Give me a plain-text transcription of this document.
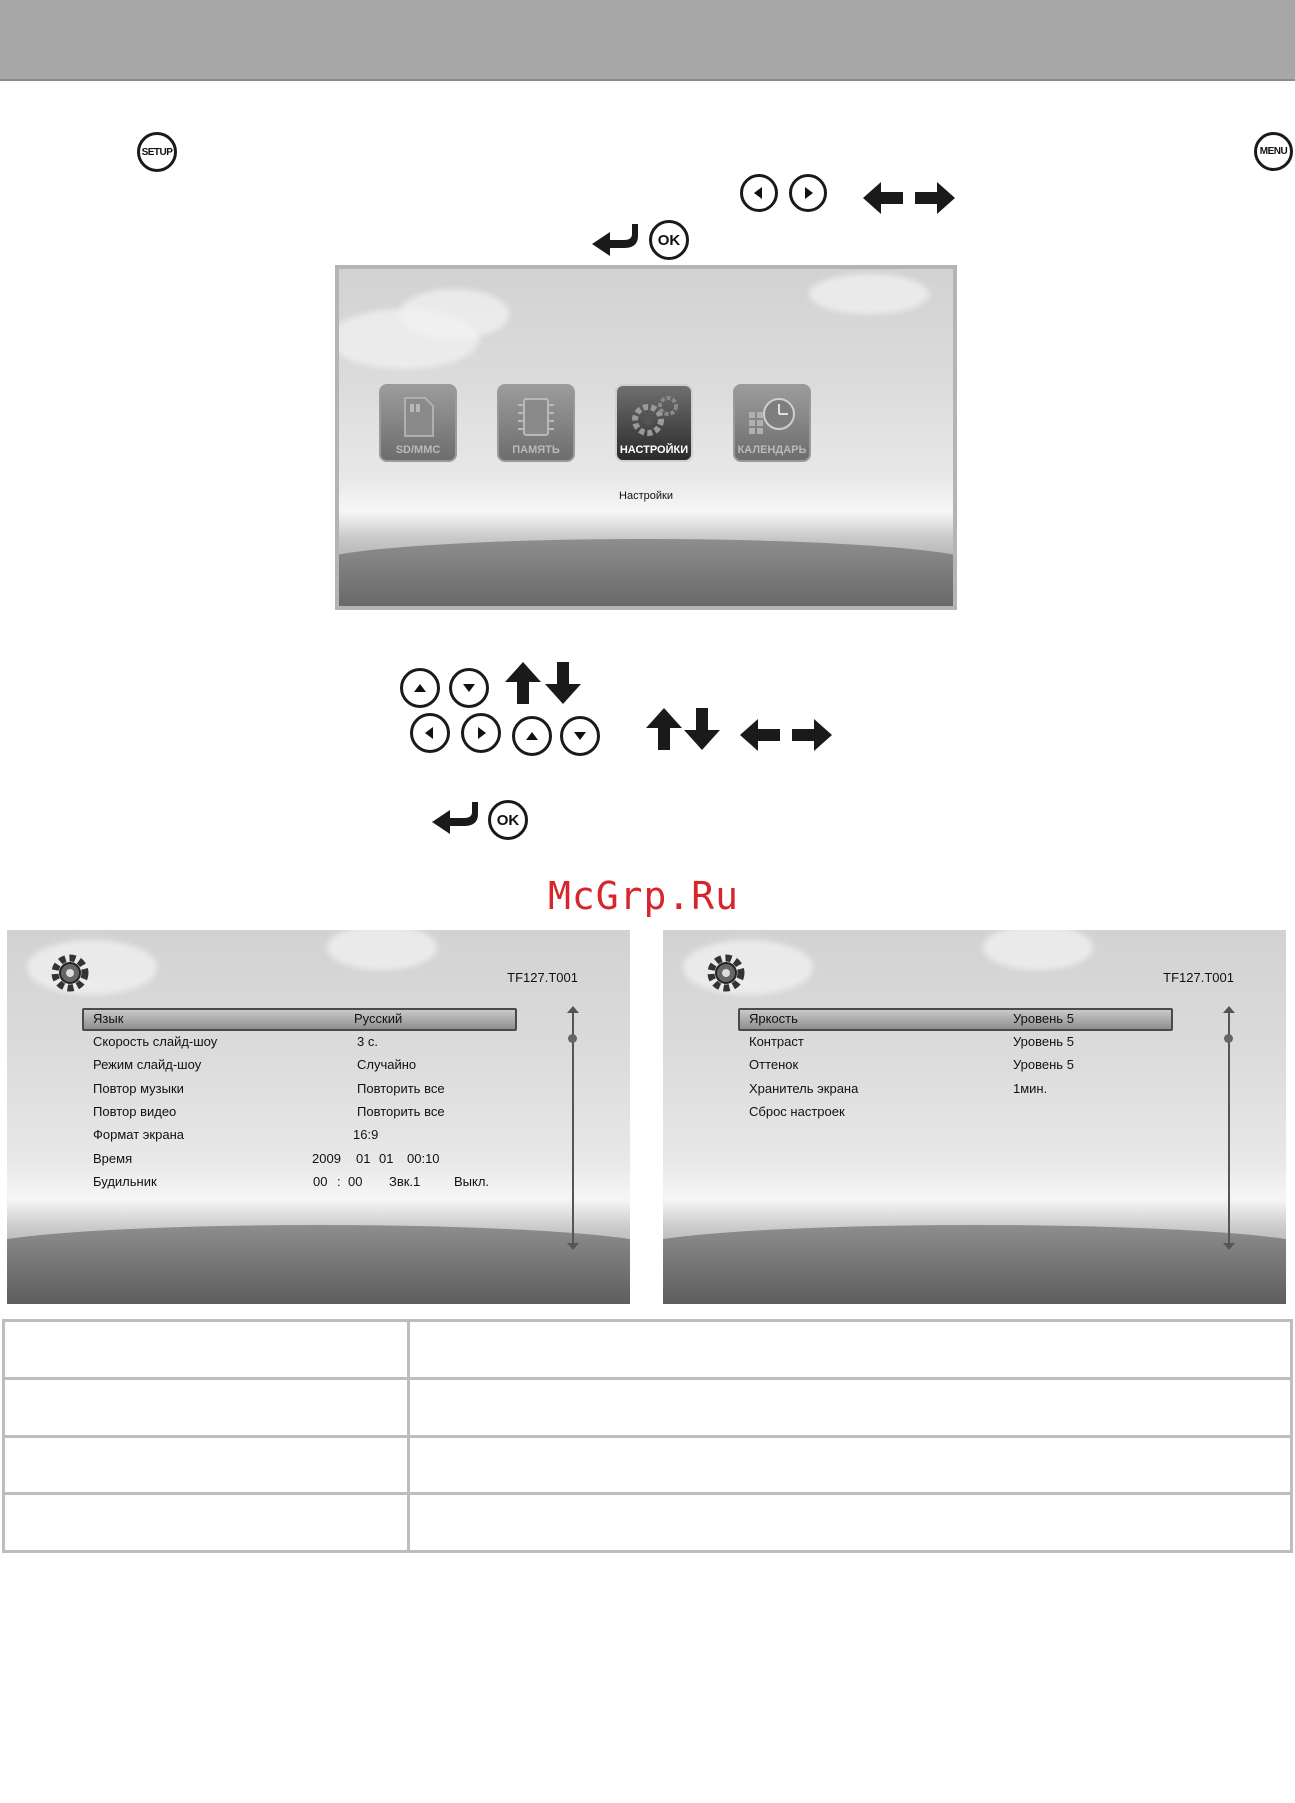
SETUP	MENU
OK
SD/MMC	ПАМЯТЬ	НАСТРОЙКИ	КАЛЕНДАРЬ
Настройки
OK
McGrp.Ru
TF127.T001
Язык	Русский
Скорость слайд-шоу	3 с.
Режим слайд-шоу	Случайно
Повтор музыки	Повторить все
Повтор видео	Повторить все
Формат экрана	16:9
Время	2009 01 01 00:10
Будильник	00 : 00 Звк.1	Выкл.
TF127.T001
Яркость	Уровень 5
Контраст	Уровень 5
Оттенок	Уровень 5
Хранитель экрана	1мин.
Сброс настроек
